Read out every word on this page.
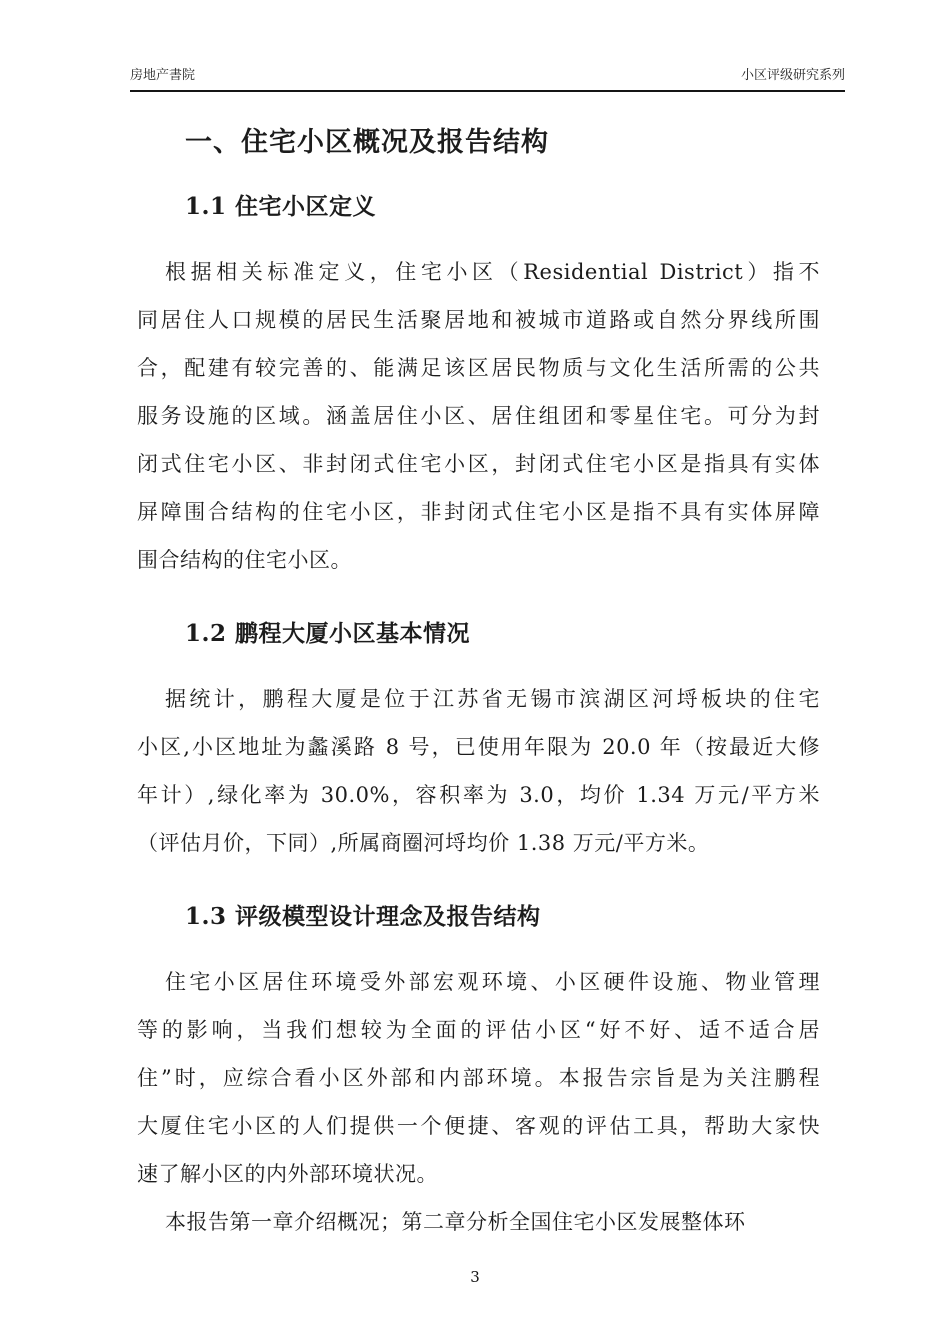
房地产書院	小区评级研究系列
一、住宅小区概况及报告结构
1.1 住宅小区定义
根据相关标准定义，住宅小区（Residential District）指不
同居住人口规模的居民生活聚居地和被城市道路或自然分界线所围
合，配建有较完善的、能满足该区居民物质与文化生活所需的公共
服务设施的区域。涵盖居住小区、居住组团和零星住宅。可分为封
闭式住宅小区、非封闭式住宅小区，封闭式住宅小区是指具有实体
屏障围合结构的住宅小区，非封闭式住宅小区是指不具有实体屏障
围合结构的住宅小区。
1.2 鹏程大厦小区基本情况
据统计，鹏程大厦是位于江苏省无锡市滨湖区河埒板块的住宅
小区,小区地址为蠡溪路 8 号，已使用年限为 20.0 年（按最近大修
年计）,绿化率为 30.0%，容积率为 3.0，均价 1.34 万元/平方米
（评估月价，下同）,所属商圈河埒均价 1.38 万元/平方米。
1.3 评级模型设计理念及报告结构
住宅小区居住环境受外部宏观环境、小区硬件设施、物业管理
等的影响，当我们想较为全面的评估小区“好不好、适不适合居
住”时，应综合看小区外部和内部环境。本报告宗旨是为关注鹏程
大厦住宅小区的人们提供一个便捷、客观的评估工具，帮助大家快
速了解小区的内外部环境状况。
本报告第一章介绍概况；第二章分析全国住宅小区发展整体环
3
